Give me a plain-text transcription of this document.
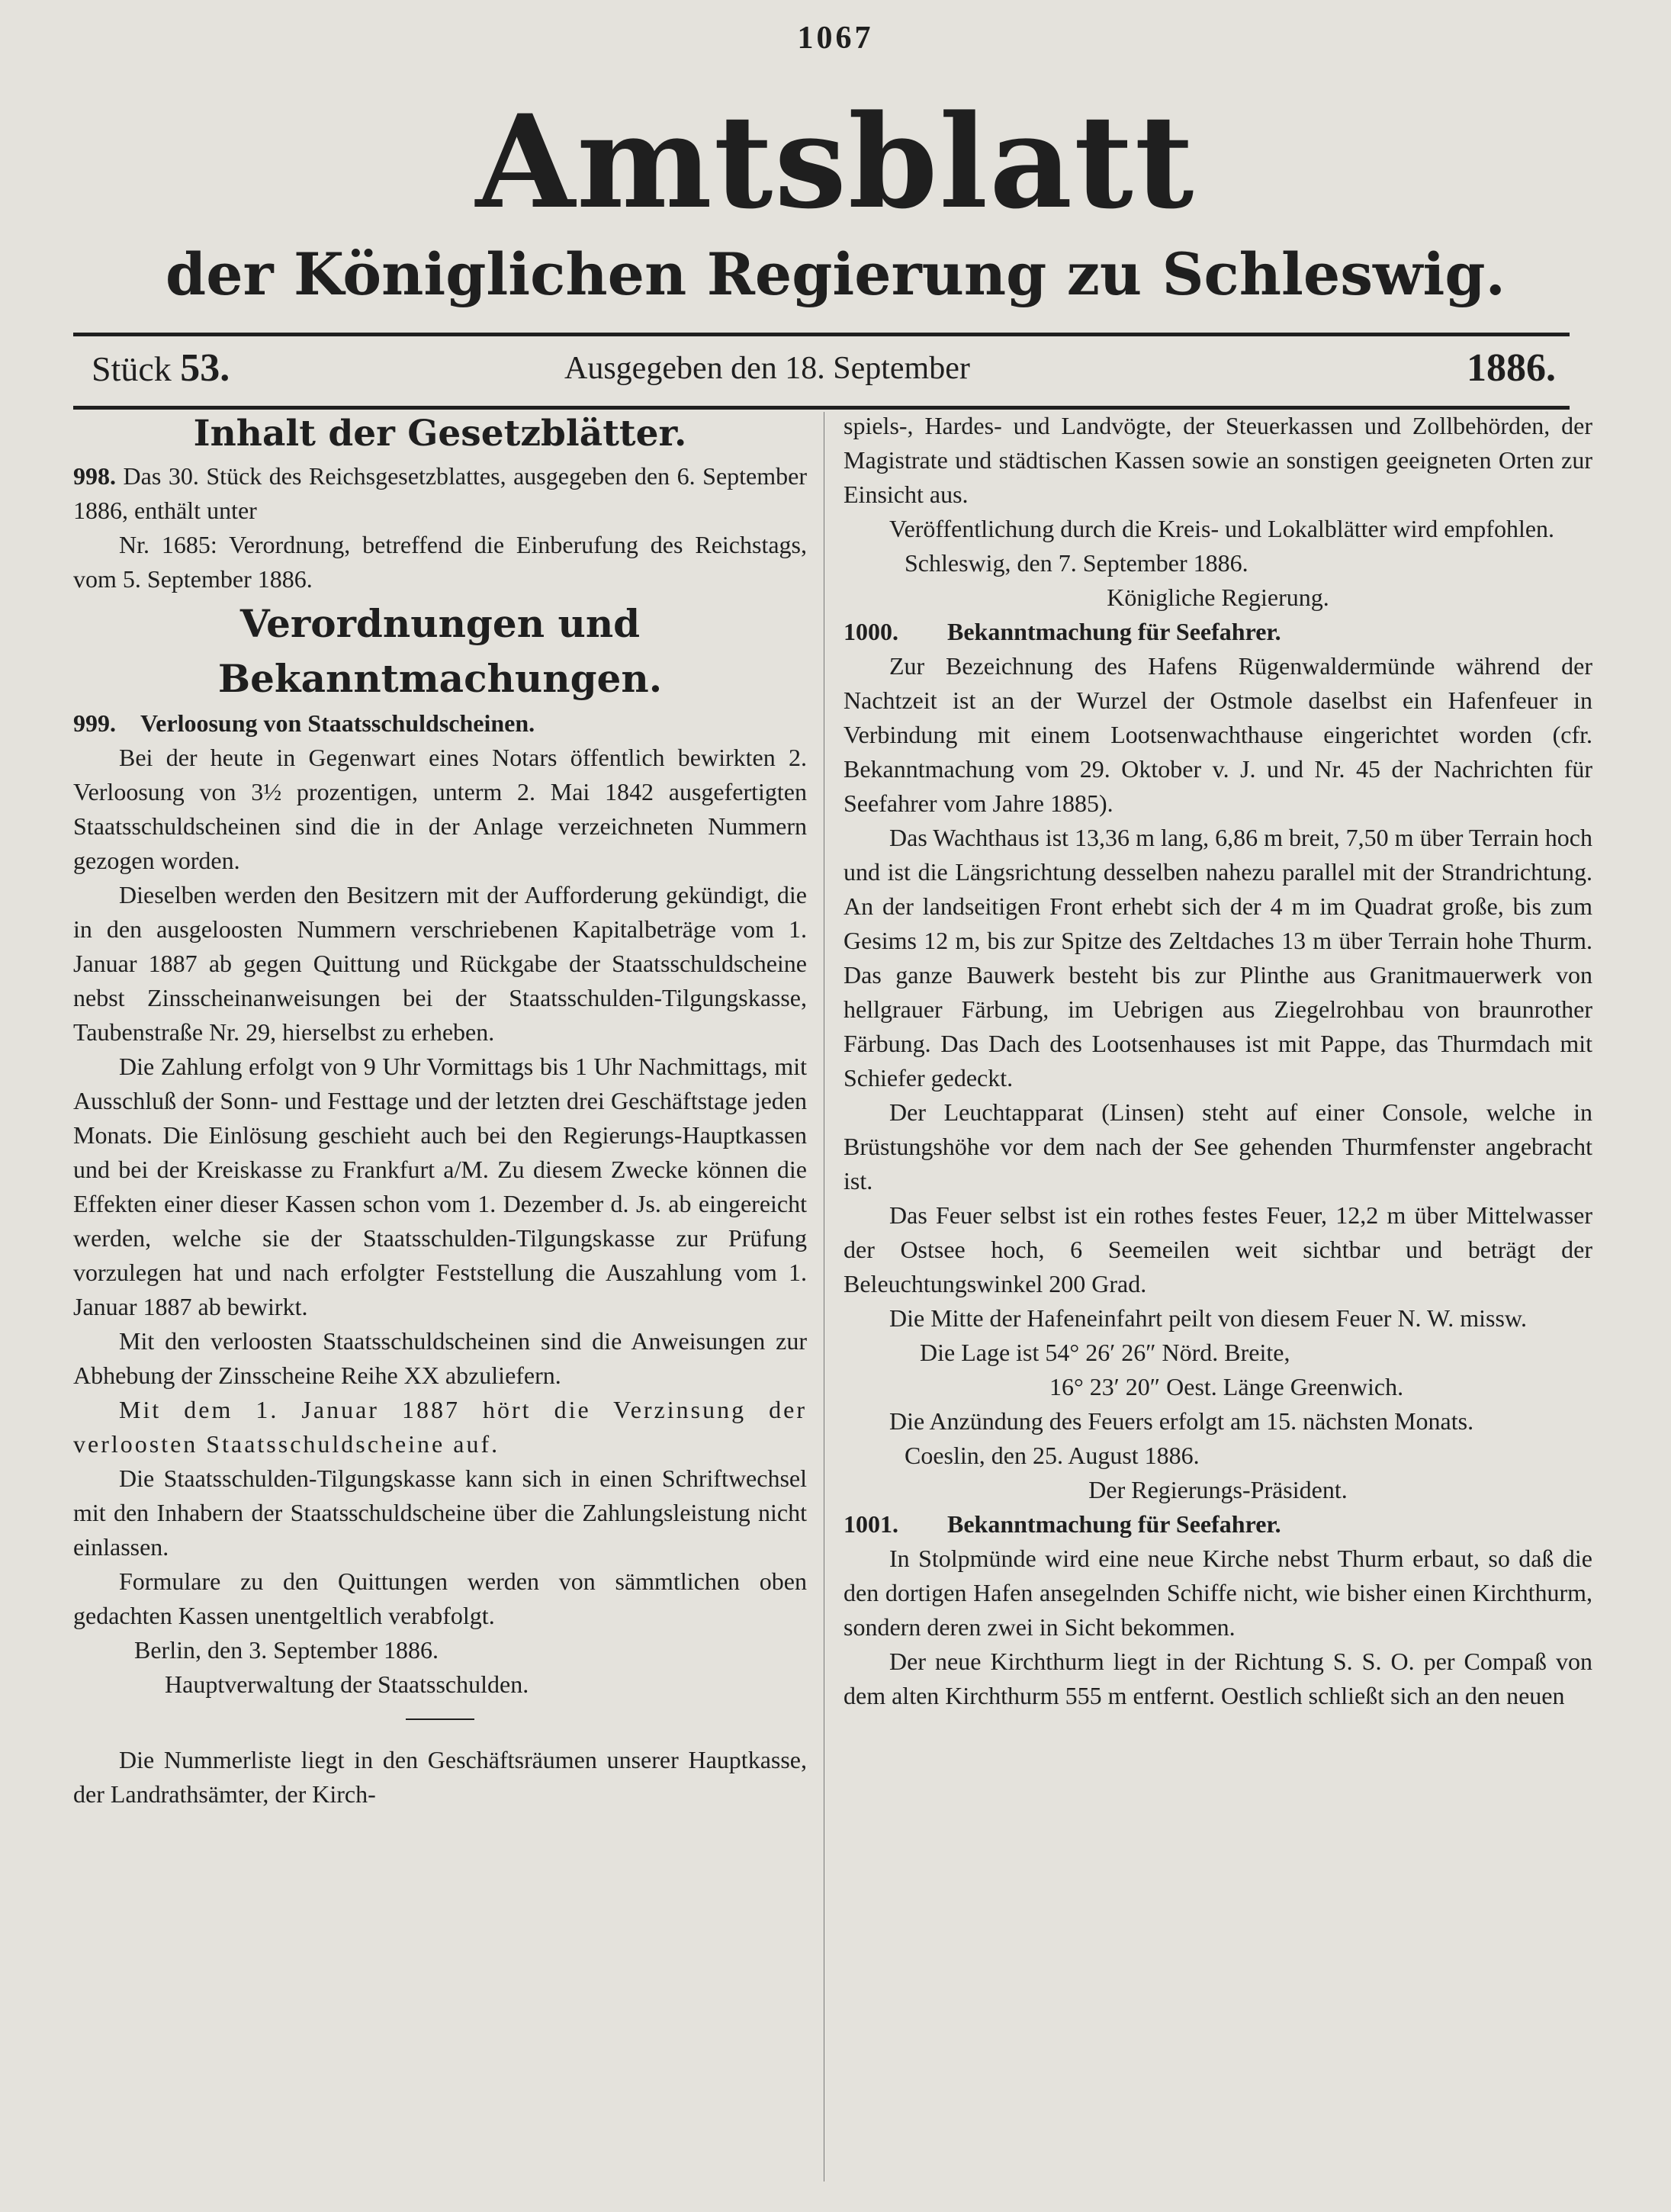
1067
Amtsblatt
der Königlichen Regierung zu Schleswig.
Stück 53.	Ausgegeben den 18. September	1886.

Inhalt der Gesetzblätter.

998. Das 30. Stück des Reichsgesetzblattes, ausgegeben den 6. September 1886, enthält unter

Nr. 1685: Verordnung, betreffend die Einberufung des Reichstags, vom 5. September 1886.

Verordnungen und Bekanntmachungen.

999. Verloosung von Staatsschuldscheinen.

Bei der heute in Gegenwart eines Notars öffentlich bewirkten 2. Verloosung von 3½ prozentigen, unterm 2. Mai 1842 ausgefertigten Staatsschuldscheinen sind die in der Anlage verzeichneten Nummern gezogen worden.

Dieselben werden den Besitzern mit der Aufforderung gekündigt, die in den ausgeloosten Nummern verschriebenen Kapitalbeträge vom 1. Januar 1887 ab gegen Quittung und Rückgabe der Staatsschuldscheine nebst Zinsscheinanweisungen bei der Staatsschulden-Tilgungskasse, Taubenstraße Nr. 29, hierselbst zu erheben.

Die Zahlung erfolgt von 9 Uhr Vormittags bis 1 Uhr Nachmittags, mit Ausschluß der Sonn- und Festtage und der letzten drei Geschäftstage jeden Monats. Die Einlösung geschieht auch bei den Regierungs-Hauptkassen und bei der Kreiskasse zu Frankfurt a/M. Zu diesem Zwecke können die Effekten einer dieser Kassen schon vom 1. Dezember d. Js. ab eingereicht werden, welche sie der Staatsschulden-Tilgungskasse zur Prüfung vorzulegen hat und nach erfolgter Feststellung die Auszahlung vom 1. Januar 1887 ab bewirkt.

Mit den verloosten Staatsschuldscheinen sind die Anweisungen zur Abhebung der Zinsscheine Reihe XX abzuliefern.

Mit dem 1. Januar 1887 hört die Verzinsung der verloosten Staatsschuldscheine auf.

Die Staatsschulden-Tilgungskasse kann sich in einen Schriftwechsel mit den Inhabern der Staatsschuldscheine über die Zahlungsleistung nicht einlassen.

Formulare zu den Quittungen werden von sämmtlichen oben gedachten Kassen unentgeltlich verabfolgt.

Berlin, den 3. September 1886.

Hauptverwaltung der Staatsschulden.

Die Nummerliste liegt in den Geschäftsräumen unserer Hauptkasse, der Landrathsämter, der Kirch-

spiels-, Hardes- und Landvögte, der Steuerkassen und Zollbehörden, der Magistrate und städtischen Kassen sowie an sonstigen geeigneten Orten zur Einsicht aus.

Veröffentlichung durch die Kreis- und Lokalblätter wird empfohlen.

Schleswig, den 7. September 1886.

Königliche Regierung.

1000. Bekanntmachung für Seefahrer.

Zur Bezeichnung des Hafens Rügenwaldermünde während der Nachtzeit ist an der Wurzel der Ostmole daselbst ein Hafenfeuer in Verbindung mit einem Lootsenwachthause eingerichtet worden (cfr. Bekanntmachung vom 29. Oktober v. J. und Nr. 45 der Nachrichten für Seefahrer vom Jahre 1885).

Das Wachthaus ist 13,36 m lang, 6,86 m breit, 7,50 m über Terrain hoch und ist die Längsrichtung desselben nahezu parallel mit der Strandrichtung. An der landseitigen Front erhebt sich der 4 m im Quadrat große, bis zum Gesims 12 m, bis zur Spitze des Zeltdaches 13 m über Terrain hohe Thurm. Das ganze Bauwerk besteht bis zur Plinthe aus Granitmauerwerk von hellgrauer Färbung, im Uebrigen aus Ziegelrohbau von braunrother Färbung. Das Dach des Lootsenhauses ist mit Pappe, das Thurmdach mit Schiefer gedeckt.

Der Leuchtapparat (Linsen) steht auf einer Console, welche in Brüstungshöhe vor dem nach der See gehenden Thurmfenster angebracht ist.

Das Feuer selbst ist ein rothes festes Feuer, 12,2 m über Mittelwasser der Ostsee hoch, 6 Seemeilen weit sichtbar und beträgt der Beleuchtungswinkel 200 Grad.

Die Mitte der Hafeneinfahrt peilt von diesem Feuer N. W. missw.

Die Lage ist 54° 26′ 26″ Nörd. Breite,

16° 23′ 20″ Oest. Länge Greenwich.

Die Anzündung des Feuers erfolgt am 15. nächsten Monats.

Coeslin, den 25. August 1886.

Der Regierungs-Präsident.

1001. Bekanntmachung für Seefahrer.

In Stolpmünde wird eine neue Kirche nebst Thurm erbaut, so daß die den dortigen Hafen ansegelnden Schiffe nicht, wie bisher einen Kirchthurm, sondern deren zwei in Sicht bekommen.

Der neue Kirchthurm liegt in der Richtung S. S. O. per Compaß von dem alten Kirchthurm 555 m entfernt. Oestlich schließt sich an den neuen
